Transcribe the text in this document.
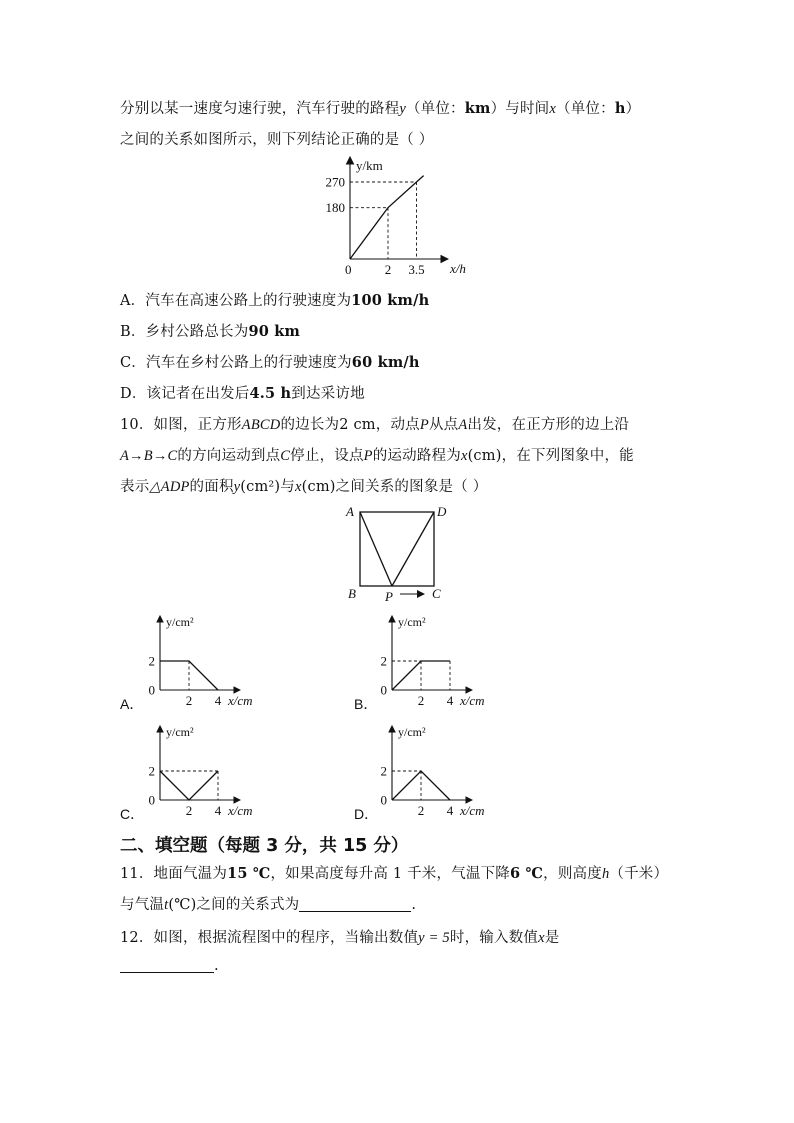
分别以某一速度匀速行驶，汽车行驶的路程y（单位：km）与时间x（单位：h）
之间的关系如图所示，则下列结论正确的是（ ）
180
270
2 3.5
y/km
x/h
0
A．汽车在高速公路上的行驶速度为100 km/h
B．乡村公路总长为90 km
C．汽车在乡村公路上的行驶速度为60 km/h
D．该记者在出发后4.5 h到达采访地
10．如图，正方形ABCD的边长为2 cm，动点P从点A出发，在正方形的边上沿
A→B→C的方向运动到点C停止，设点P的运动路程为x(cm)，在下列图象中，能
表示△ADP的面积y(cm²)与x(cm)之间关系的图象是（ ）
A	D
B	C
P
A．	B．
C．	D．
y/cm²
2
0
2 4 x/cm
y/cm²
2
0
2 4 x/cm
y/cm²
2
0
2 4 x/cm
y/cm²
2
0
2 4 x/cm
二、填空题（每题 3 分，共 15 分）
11．地面气温为15 ℃，如果高度每升高 1 千米，气温下降6 ℃，则高度h（千米）
与气温t(℃)之间的关系式为	.
12．如图，根据流程图中的程序，当输出数值y = 5时，输入数值x是
.
